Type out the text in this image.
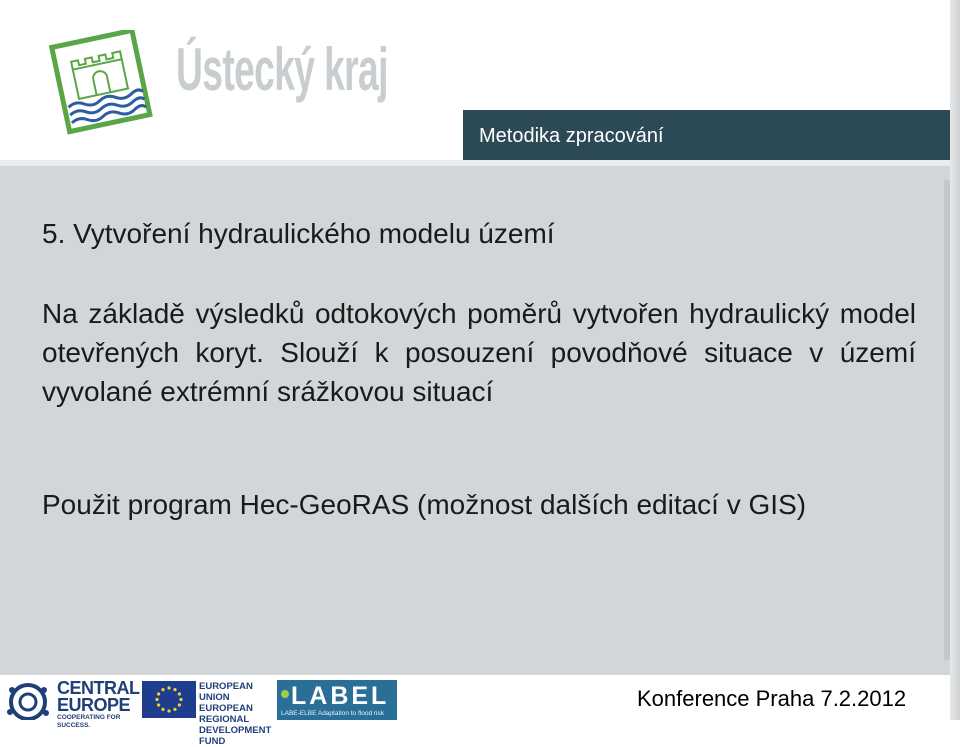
Ústecký kraj
Metodika zpracování
5. Vytvoření hydraulického modelu území
Na základě výsledků odtokových poměrů vytvořen hydraulický model otevřených koryt. Slouží k posouzení povodňové situace v území vyvolané extrémní srážkovou situací
Použit program Hec-GeoRAS (možnost dalších editací v GIS)
CENTRAL
EUROPE
COOPERATING FOR SUCCESS.
EUROPEAN UNION
EUROPEAN REGIONAL
DEVELOPMENT FUND
LABEL
LABE-ELBE Adaptation to flood risk
Konference Praha 7.2.2012
